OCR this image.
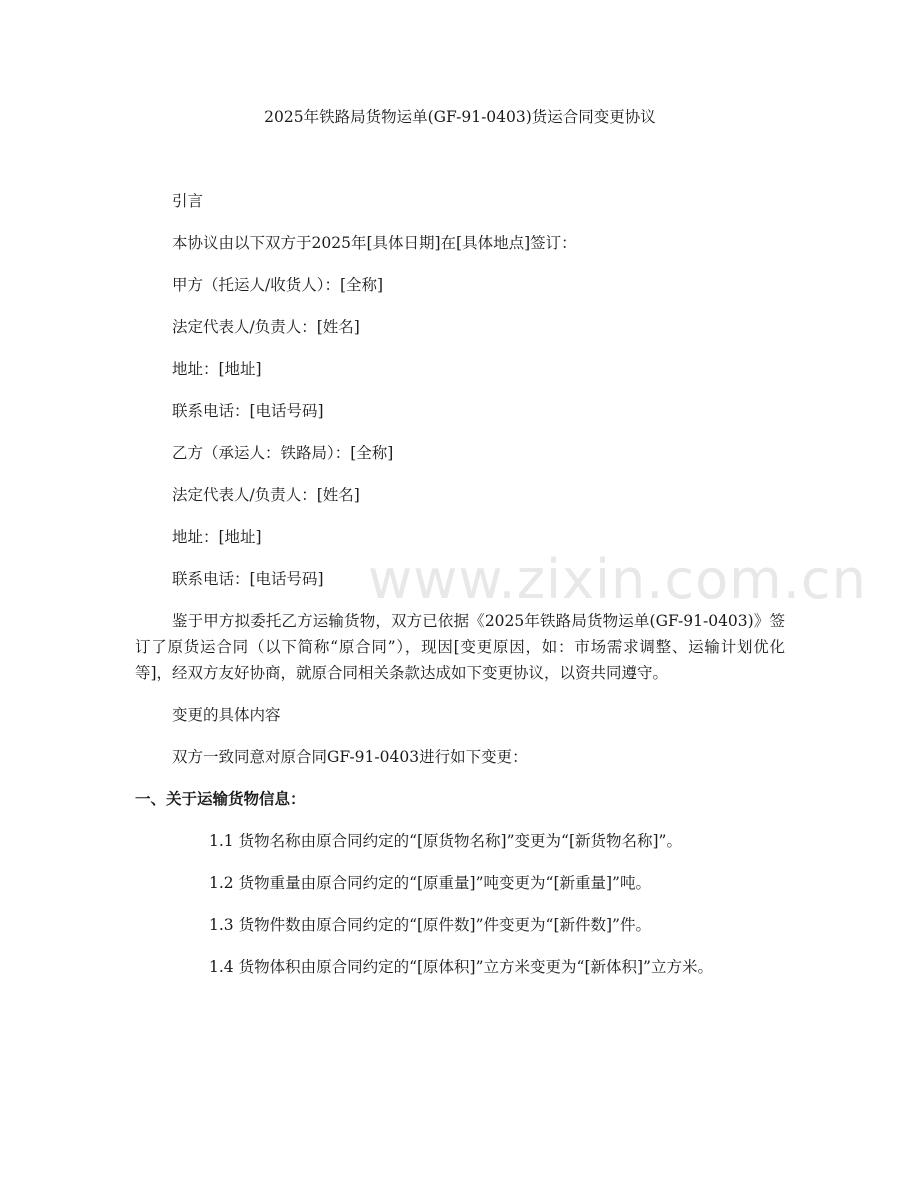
2025年铁路局货物运单(GF-91-0403)货运合同变更协议

引言

本协议由以下双方于2025年[具体日期]在[具体地点]签订：

甲方（托运人/收货人）：[全称]

法定代表人/负责人：[姓名]

地址：[地址]

联系电话：[电话号码]

乙方（承运人：铁路局）：[全称]

法定代表人/负责人：[姓名]

地址：[地址]

联系电话：[电话号码]

鉴于甲方拟委托乙方运输货物，双方已依据《2025年铁路局货物运单(GF-91-0403)》签订了原货运合同（以下简称“原合同”），现因[变更原因，如：市场需求调整、运输计划优化等]，经双方友好协商，就原合同相关条款达成如下变更协议，以资共同遵守。

变更的具体内容

双方一致同意对原合同GF-91-0403进行如下变更：

一、关于运输货物信息：

1.1 货物名称由原合同约定的“[原货物名称]”变更为“[新货物名称]”。

1.2 货物重量由原合同约定的“[原重量]”吨变更为“[新重量]”吨。

1.3 货物件数由原合同约定的“[原件数]”件变更为“[新件数]”件。

1.4 货物体积由原合同约定的“[原体积]”立方米变更为“[新体积]”立方米。

www.zixin.com.cn
